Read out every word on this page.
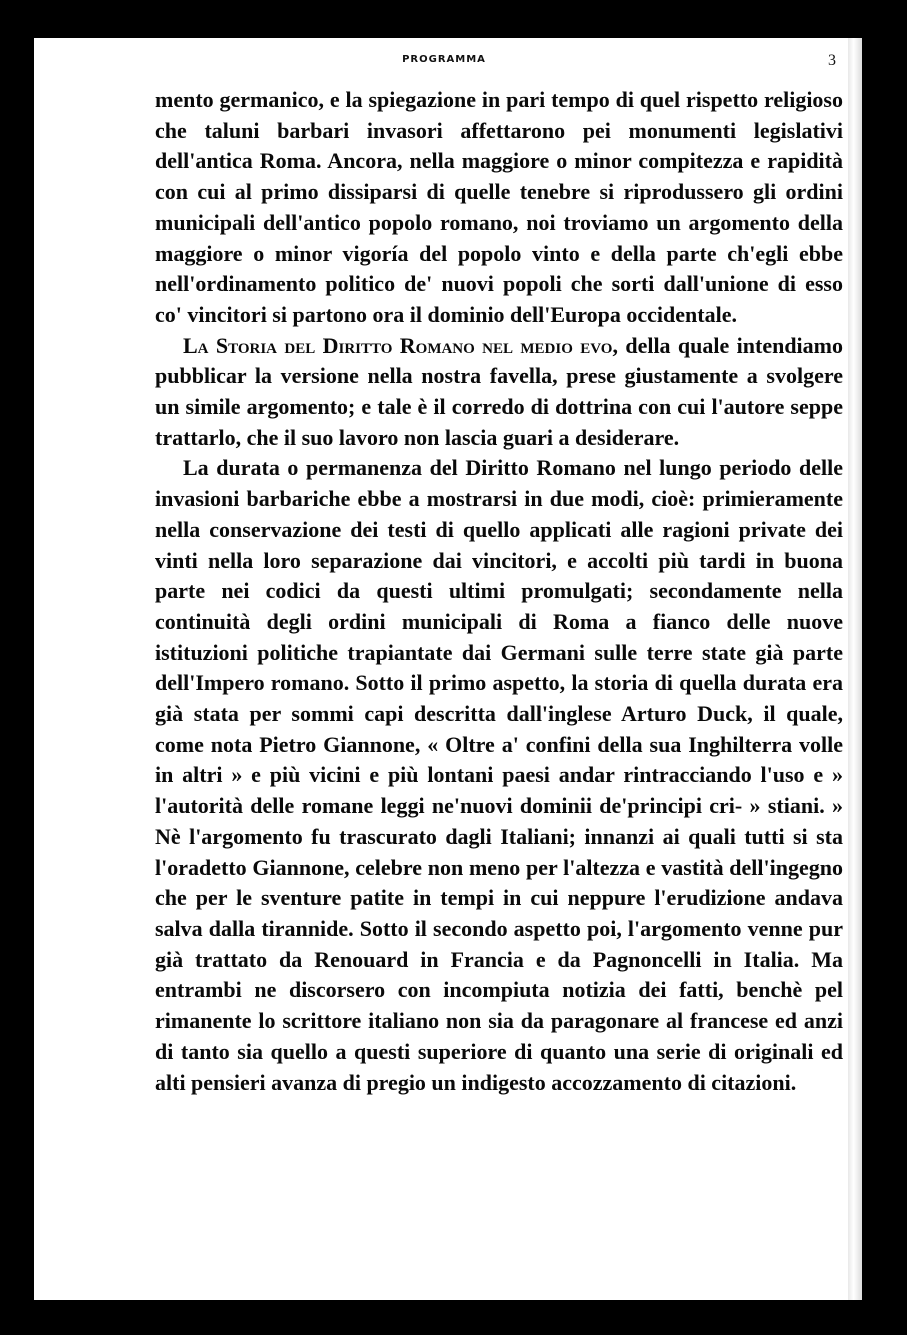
PROGRAMMA	3

mento germanico, e la spiegazione in pari tempo di quel rispetto religioso che taluni barbari invasori affettarono pei monumenti legislativi dell'antica Roma. Ancora, nella maggiore o minor compitezza e rapidità con cui al primo dissiparsi di quelle tenebre si riprodussero gli ordini municipali dell'antico popolo romano, noi troviamo un argomento della maggiore o minor vigoría del popolo vinto e della parte ch'egli ebbe nell'ordinamento politico de' nuovi popoli che sorti dall'unione di esso co' vincitori si partono ora il dominio dell'Europa occidentale.

La Storia del Diritto Romano nel medio evo, della quale intendiamo pubblicar la versione nella nostra favella, prese giustamente a svolgere un simile argomento; e tale è il corredo di dottrina con cui l'autore seppe trattarlo, che il suo lavoro non lascia guari a desiderare.

La durata o permanenza del Diritto Romano nel lungo periodo delle invasioni barbariche ebbe a mostrarsi in due modi, cioè: primieramente nella conservazione dei testi di quello applicati alle ragioni private dei vinti nella loro separazione dai vincitori, e accolti più tardi in buona parte nei codici da questi ultimi promulgati; secondamente nella continuità degli ordini municipali di Roma a fianco delle nuove istituzioni politiche trapiantate dai Germani sulle terre state già parte dell'Impero romano. Sotto il primo aspetto, la storia di quella durata era già stata per sommi capi descritta dall'inglese Arturo Duck, il quale, come nota Pietro Giannone, « Oltre a' confini della sua Inghilterra volle in altri » e più vicini e più lontani paesi andar rintracciando l'uso e » l'autorità delle romane leggi ne'nuovi dominii de'principi cri- » stiani. » Nè l'argomento fu trascurato dagli Italiani; innanzi ai quali tutti si sta l'oradetto Giannone, celebre non meno per l'altezza e vastità dell'ingegno che per le sventure patite in tempi in cui neppure l'erudizione andava salva dalla tirannide. Sotto il secondo aspetto poi, l'argomento venne pur già trattato da Renouard in Francia e da Pagnoncelli in Italia. Ma entrambi ne discorsero con incompiuta notizia dei fatti, benchè pel rimanente lo scrittore italiano non sia da paragonare al francese ed anzi di tanto sia quello a questi superiore di quanto una serie di originali ed alti pensieri avanza di pregio un indigesto accozzamento di citazioni.
